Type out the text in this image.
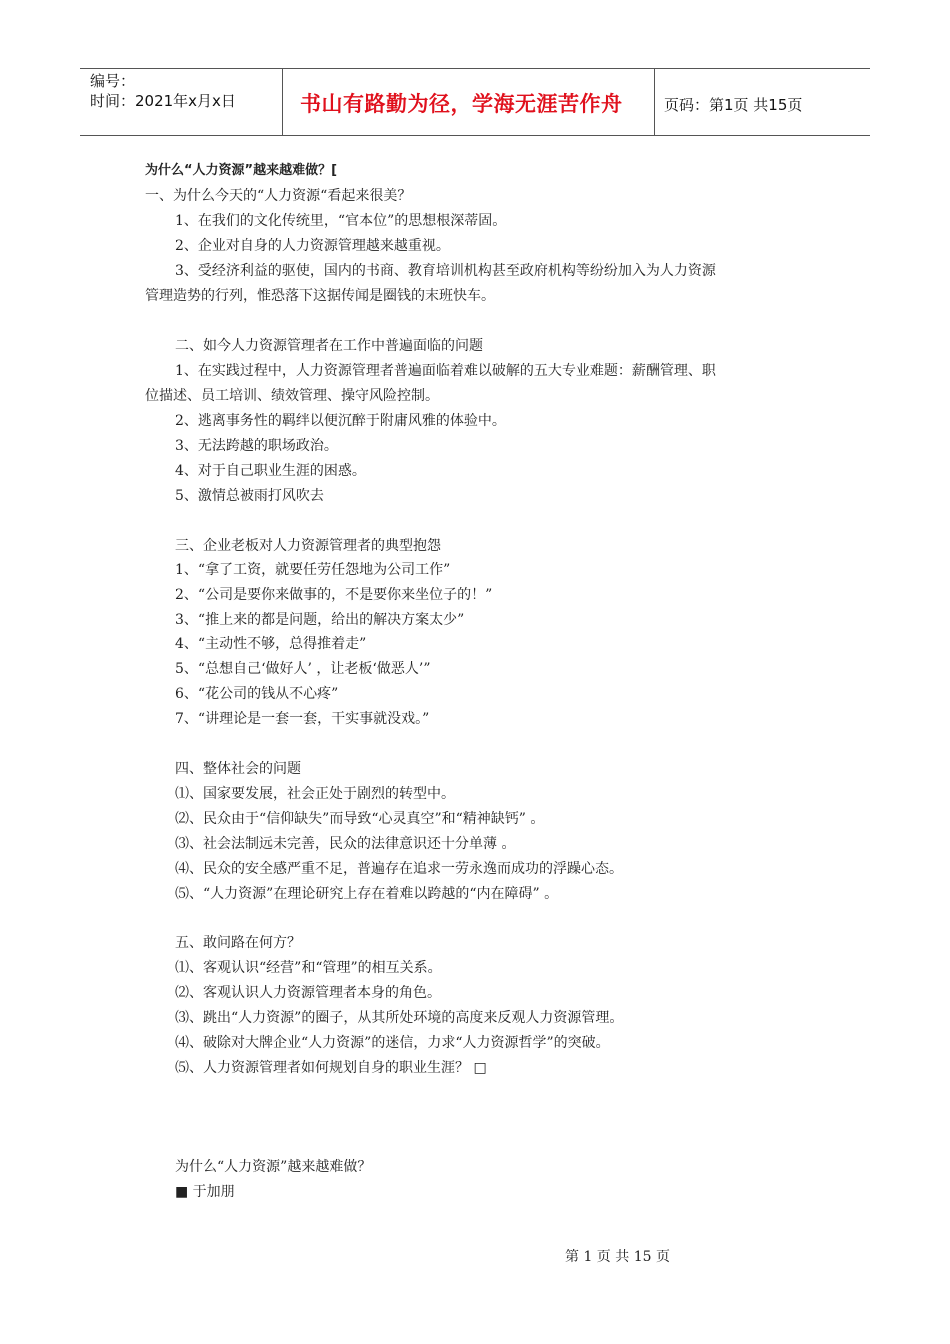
编号：
时间：2021年x月x日	书山有路勤为径，学海无涯苦作舟	页码：第1页 共15页
为什么“人力资源”越来越难做？[
一、为什么今天的“人力资源“看起来很美？
1、在我们的文化传统里，“官本位”的思想根深蒂固。
2、企业对自身的人力资源管理越来越重视。
3、受经济利益的驱使，国内的书商、教育培训机构甚至政府机构等纷纷加入为人力资源
管理造势的行列，惟恐落下这据传闻是圈钱的末班快车。
二、如今人力资源管理者在工作中普遍面临的问题
1、在实践过程中，人力资源管理者普遍面临着难以破解的五大专业难题：薪酬管理、职
位描述、员工培训、绩效管理、操守风险控制。
2、逃离事务性的羁绊以便沉醉于附庸风雅的体验中。
3、无法跨越的职场政治。
4、对于自己职业生涯的困惑。
5、激情总被雨打风吹去
三、企业老板对人力资源管理者的典型抱怨
1、“拿了工资，就要任劳任怨地为公司工作”
2、“公司是要你来做事的，不是要你来坐位子的！”
3、“推上来的都是问题，给出的解决方案太少”
4、“主动性不够，总得推着走”
5、“总想自己‘做好人’ ，让老板‘做恶人’”
6、“花公司的钱从不心疼”
7、“讲理论是一套一套，干实事就没戏。”
四、整体社会的问题
⑴、国家要发展，社会正处于剧烈的转型中。
⑵、民众由于“信仰缺失”而导致“心灵真空”和“精神缺钙” 。
⑶、社会法制远未完善，民众的法律意识还十分单薄 。
⑷、民众的安全感严重不足，普遍存在追求一劳永逸而成功的浮躁心态。
⑸、“人力资源”在理论研究上存在着难以跨越的“内在障碍” 。
五、敢问路在何方？
⑴、客观认识“经营”和“管理”的相互关系。
⑵、客观认识人力资源管理者本身的角色。
⑶、跳出“人力资源”的圈子，从其所处环境的高度来反观人力资源管理。
⑷、破除对大牌企业“人力资源”的迷信，力求“人力资源哲学”的突破。
⑸、人力资源管理者如何规划自身的职业生涯？ □
为什么“人力资源”越来越难做？
■ 于加朋
第 1 页 共 15 页
